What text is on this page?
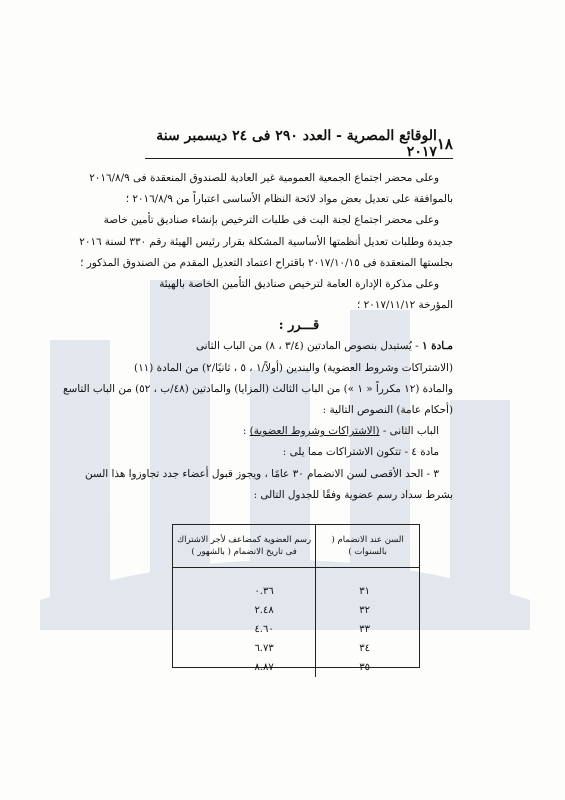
١٨
الوقائع المصرية - العدد ٢٩٠ فى ٢٤ ديسمبر سنة ٢٠١٧

وعلى محضر اجتماع الجمعية العمومية غير العادية للصندوق المنعقدة فى ٢٠١٦/٨/٩

بالموافقة على تعديل بعض مواد لائحة النظام الأساسى اعتباراً من ٢٠١٦/٨/٩ ؛

وعلى محضر اجتماع لجنة البت فى طلبات الترخيص بإنشاء صناديق تأمين خاصة

جديدة وطلبات تعديل أنظمتها الأساسية المشكلة بقرار رئيس الهيئة رقم ٣٣٠ لسنة ٢٠١٦

بجلستها المنعقدة فى ٢٠١٧/١٠/١٥ باقتراح اعتماد التعديل المقدم من الصندوق المذكور ؛

وعلى مذكرة الإدارة العامة لترخيص صناديق التأمين الخاصة بالهيئة

المؤرخة ٢٠١٧/١١/١٢ ؛

قـــرر :

مـادة ١ - يُستبدل بنصوص المادتين (٣/٤ ، ٨) من الباب الثانى

(الاشتراكات وشروط العضوية) والبندين (أولاً/١ ، ٥ ، ثانيًا/٢) من المادة (١١)

والمادة (١٢ مكرراً « ١ ») من الباب الثالث (المزايا) والمادتين (٤٨/ب ، ٥٢) من الباب التاسع

(أحكام عامة) النصوص التالية :

الباب الثانى - (الاشتراكات وشروط العضوية) :

مادة ٤ - تتكون الاشتراكات مما يلى :

٣ - الحد الأقصى لسن الانضمام ٣٠ عامًا ، ويجوز قبول أعضاء جدد تجاوزوا هذا السن

بشرط سداد رسم عضوية وفقًا للجدول التالى :

السن عند الانضمام ( بالسنوات )	رسم العضوية كمضاعف لأجر الاشتراك فى تاريخ الانضمام ( بالشهور )

٣١	٠.٣٦
٣٢	٢.٤٨
٣٣	٤.٦٠
٣٤	٦.٧٣
٣٥	٨.٨٧
